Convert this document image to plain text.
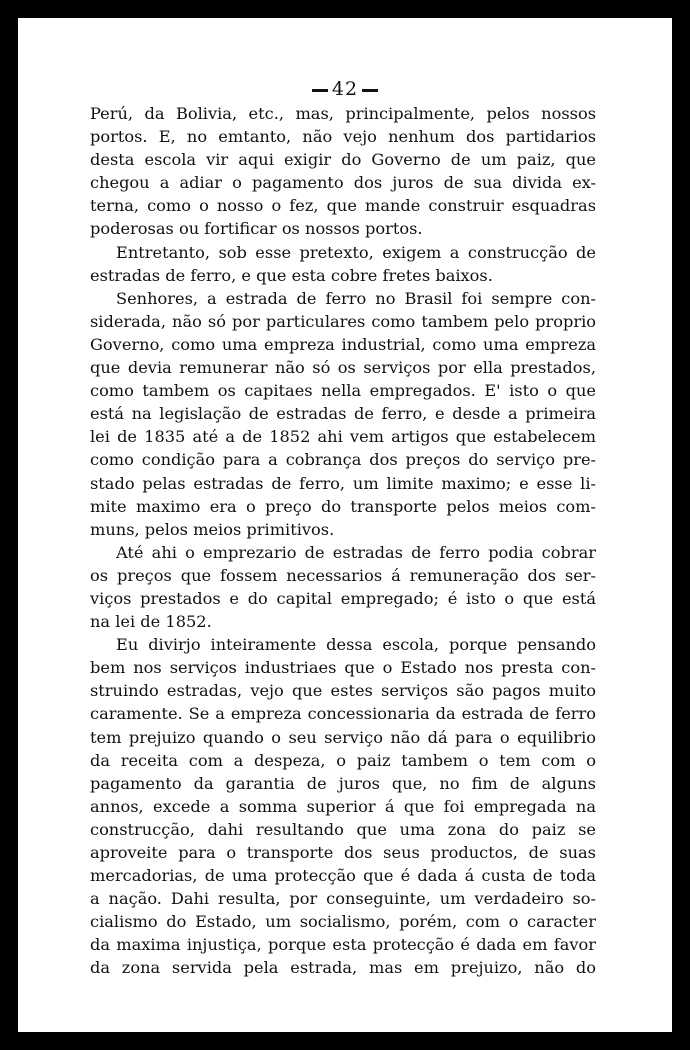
42
Perú, da Bolivia, etc., mas, principalmente, pelos nossos
portos. E, no emtanto, não vejo nenhum dos partidarios
desta escola vir aqui exigir do Governo de um paiz, que
chegou a adiar o pagamento dos juros de sua divida ex-
terna, como o nosso o fez, que mande construir esquadras
poderosas ou fortificar os nossos portos.
Entretanto, sob esse pretexto, exigem a construcção de
estradas de ferro, e que esta cobre fretes baixos.
Senhores, a estrada de ferro no Brasil foi sempre con-
siderada, não só por particulares como tambem pelo proprio
Governo, como uma empreza industrial, como uma empreza
que devia remunerar não só os serviços por ella prestados,
como tambem os capitaes nella empregados. E' isto o que
está na legislação de estradas de ferro, e desde a primeira
lei de 1835 até a de 1852 ahi vem artigos que estabelecem
como condição para a cobrança dos preços do serviço pre-
stado pelas estradas de ferro, um limite maximo; e esse li-
mite maximo era o preço do transporte pelos meios com-
muns, pelos meios primitivos.
Até ahi o emprezario de estradas de ferro podia cobrar
os preços que fossem necessarios á remuneração dos ser-
viços prestados e do capital empregado; é isto o que está
na lei de 1852.
Eu divirjo inteiramente dessa escola, porque pensando
bem nos serviços industriaes que o Estado nos presta con-
struindo estradas, vejo que estes serviços são pagos muito
caramente. Se a empreza concessionaria da estrada de ferro
tem prejuizo quando o seu serviço não dá para o equilibrio
da receita com a despeza, o paiz tambem o tem com o
pagamento da garantia de juros que, no fim de alguns
annos, excede a somma superior á que foi empregada na
construcção, dahi resultando que uma zona do paiz se
aproveite para o transporte dos seus productos, de suas
mercadorias, de uma protecção que é dada á custa de toda
a nação. Dahi resulta, por conseguinte, um verdadeiro so-
cialismo do Estado, um socialismo, porém, com o caracter
da maxima injustiça, porque esta protecção é dada em favor
da zona servida pela estrada, mas em prejuizo, não do
